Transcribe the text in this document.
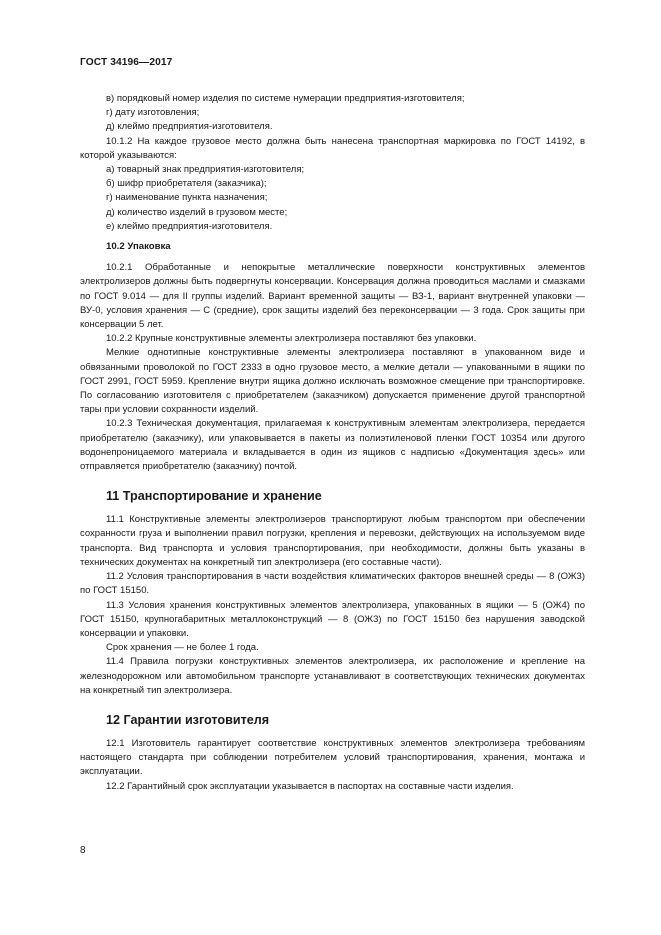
ГОСТ 34196—2017

в) порядковый номер изделия по системе нумерации предприятия-изготовителя;

г) дату изготовления;

д) клеймо предприятия-изготовителя.

10.1.2 На каждое грузовое место должна быть нанесена транспортная маркировка по ГОСТ 14192, в которой указываются:

а) товарный знак предприятия-изготовителя;

б) шифр приобретателя (заказчика);

г) наименование пункта назначения;

д) количество изделий в грузовом месте;

е) клеймо предприятия-изготовителя.

10.2 Упаковка

10.2.1 Обработанные и непокрытые металлические поверхности конструктивных элементов электролизеров должны быть подвергнуты консервации. Консервация должна проводиться маслами и смазками по ГОСТ 9.014 — для II группы изделий. Вариант временной защиты — ВЗ-1, вариант внутренней упаковки — ВУ-0, условия хранения — С (средние), срок защиты изделий без переконсервации — 3 года. Срок защиты при консервации 5 лет.

10.2.2 Крупные конструктивные элементы электролизера поставляют без упаковки.

Мелкие однотипные конструктивные элементы электролизера поставляют в упакованном виде и обвязанными проволокой по ГОСТ 2333 в одно грузовое место, а мелкие детали — упакованными в ящики по ГОСТ 2991, ГОСТ 5959. Крепление внутри ящика должно исключать возможное смещение при транспортировке. По согласованию изготовителя с приобретателем (заказчиком) допускается применение другой транспортной тары при условии сохранности изделий.

10.2.3 Техническая документация, прилагаемая к конструктивным элементам электролизера, передается приобретателю (заказчику), или упаковывается в пакеты из полиэтиленовой пленки ГОСТ 10354 или другого водонепроницаемого материала и вкладывается в один из ящиков с надписью «Документация здесь» или отправляется приобретателю (заказчику) почтой.

11 Транспортирование и хранение

11.1 Конструктивные элементы электролизеров транспортируют любым транспортом при обеспечении сохранности груза и выполнении правил погрузки, крепления и перевозки, действующих на используемом виде транспорта. Вид транспорта и условия транспортирования, при необходимости, должны быть указаны в технических документах на конкретный тип электролизера (его составные части).

11.2 Условия транспортирования в части воздействия климатических факторов внешней среды — 8 (ОЖ3) по ГОСТ 15150.

11.3 Условия хранения конструктивных элементов электролизера, упакованных в ящики — 5 (ОЖ4) по ГОСТ 15150, крупногабаритных металлоконструкций — 8 (ОЖ3) по ГОСТ 15150 без нарушения заводской консервации и упаковки.

Срок хранения — не более 1 года.

11.4 Правила погрузки конструктивных элементов электролизера, их расположение и крепление на железнодорожном или автомобильном транспорте устанавливают в соответствующих технических документах на конкретный тип электролизера.

12 Гарантии изготовителя

12.1 Изготовитель гарантирует соответствие конструктивных элементов электролизера требованиям настоящего стандарта при соблюдении потребителем условий транспортирования, хранения, монтажа и эксплуатации.

12.2 Гарантийный срок эксплуатации указывается в паспортах на составные части изделия.

8
